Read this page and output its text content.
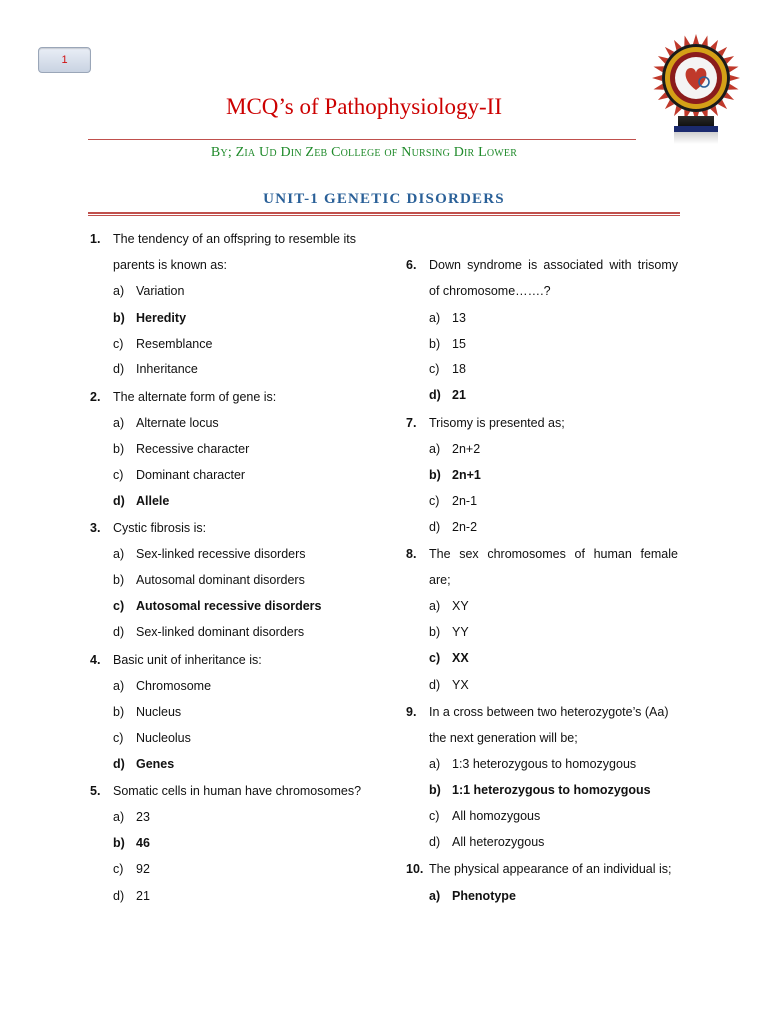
1
MCQ’s of Pathophysiology-II
By; Zia Ud Din Zeb College of Nursing Dir Lower
UNIT-1 GENETIC DISORDERS
1. The tendency of an offspring to resemble its
parents is known as:
a) Variation
b) Heredity
c) Resemblance
d) Inheritance
2. The alternate form of gene is:
a) Alternate locus
b) Recessive character
c) Dominant character
d) Allele
3. Cystic fibrosis is:
a) Sex-linked recessive disorders
b) Autosomal dominant disorders
c) Autosomal recessive disorders
d) Sex-linked dominant disorders
4. Basic unit of inheritance is:
a) Chromosome
b) Nucleus
c) Nucleolus
d) Genes
5. Somatic cells in human have chromosomes?
a) 23
b) 46
c) 92
d) 21
6. Down syndrome is associated with trisomy
of chromosome…….?
a) 13
b) 15
c) 18
d) 21
7. Trisomy is presented as;
a) 2n+2
b) 2n+1
c) 2n-1
d) 2n-2
8. The sex chromosomes of human female
are;
a) XY
b) YY
c) XX
d) YX
9. In a cross between two heterozygote’s (Aa)
the next generation will be;
a) 1:3 heterozygous to homozygous
b) 1:1 heterozygous to homozygous
c) All homozygous
d) All heterozygous
10. The physical appearance of an individual is;
a) Phenotype
